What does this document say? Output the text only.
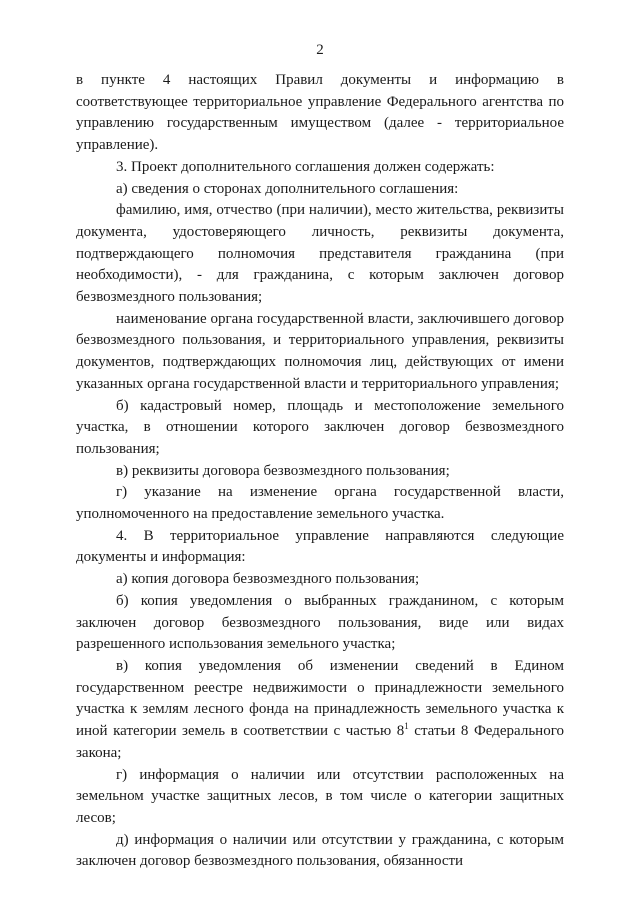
2

в пункте 4 настоящих Правил документы и информацию в соответствующее территориальное управление Федерального агентства по управлению государственным имуществом (далее - территориальное управление).

3. Проект дополнительного соглашения должен содержать:

а) сведения о сторонах дополнительного соглашения:

фамилию, имя, отчество (при наличии), место жительства, реквизиты документа, удостоверяющего личность, реквизиты документа, подтверждающего полномочия представителя гражданина (при необходимости), - для гражданина, с которым заключен договор безвозмездного пользования;

наименование органа государственной власти, заключившего договор безвозмездного пользования, и территориального управления, реквизиты документов, подтверждающих полномочия лиц, действующих от имени указанных органа государственной власти и территориального управления;

б) кадастровый номер, площадь и местоположение земельного участка, в отношении которого заключен договор безвозмездного пользования;

в) реквизиты договора безвозмездного пользования;

г) указание на изменение органа государственной власти, уполномоченного на предоставление земельного участка.

4. В территориальное управление направляются следующие документы и информация:

а) копия договора безвозмездного пользования;

б) копия уведомления о выбранных гражданином, с которым заключен договор безвозмездного пользования, виде или видах разрешенного использования земельного участка;

в) копия уведомления об изменении сведений в Едином государственном реестре недвижимости о принадлежности земельного участка к землям лесного фонда на принадлежность земельного участка к иной категории земель в соответствии с частью $8^1$ статьи 8 Федерального закона;

г) информация о наличии или отсутствии расположенных на земельном участке защитных лесов, в том числе о категории защитных лесов;

д) информация о наличии или отсутствии у гражданина, с которым заключен договор безвозмездного пользования, обязанности
